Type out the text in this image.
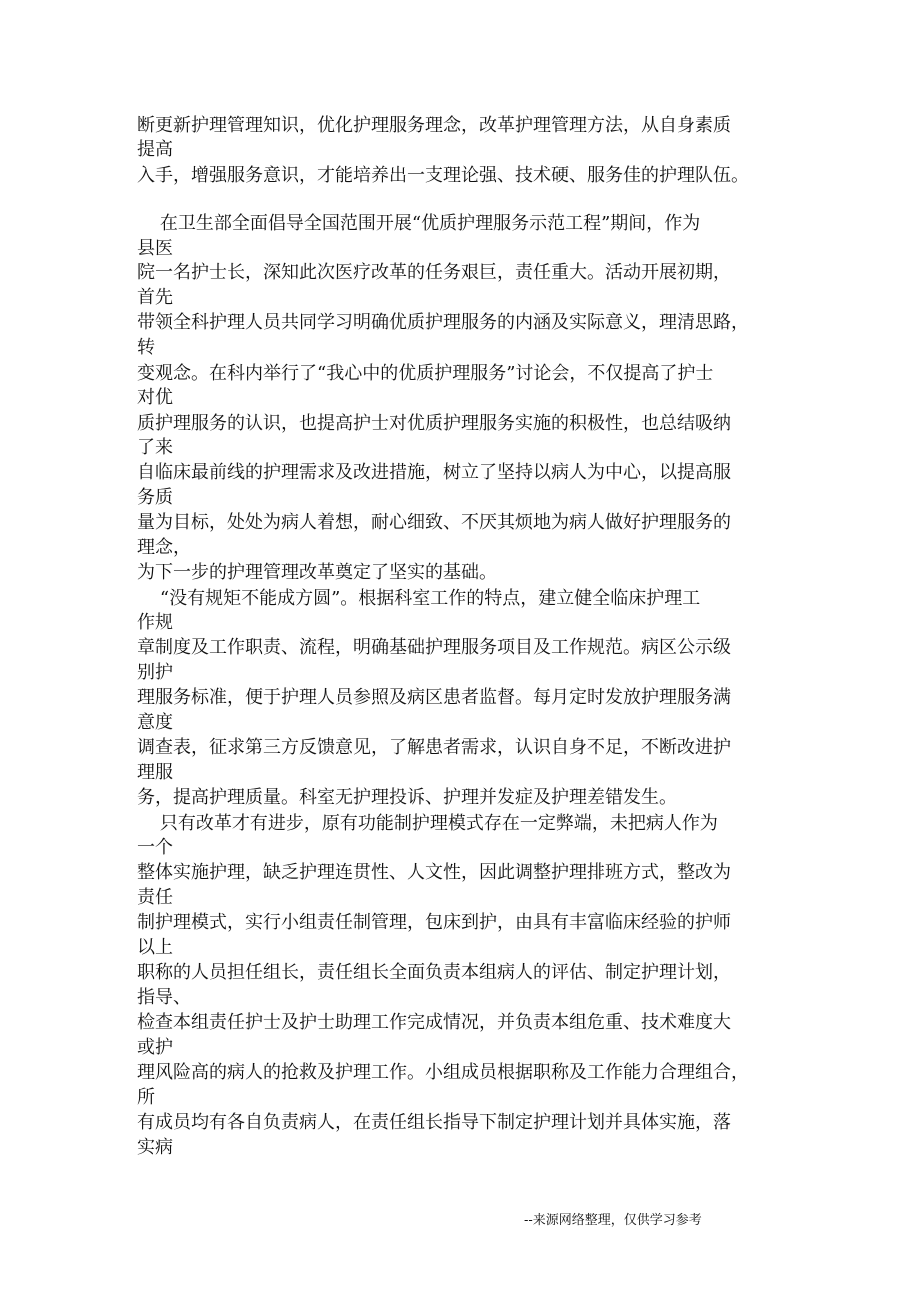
断更新护理管理知识，优化护理服务理念，改革护理管理方法，从自身素质

提高

入手，增强服务意识，才能培养出一支理论强、技术硬、服务佳的护理队伍。

在卫生部全面倡导全国范围开展“优质护理服务示范工程”期间，作为

县医

院一名护士长，深知此次医疗改革的任务艰巨，责任重大。活动开展初期，

首先

带领全科护理人员共同学习明确优质护理服务的内涵及实际意义，理清思路，

转

变观念。在科内举行了“我心中的优质护理服务”讨论会，不仅提高了护士

对优

质护理服务的认识，也提高护士对优质护理服务实施的积极性，也总结吸纳

了来

自临床最前线的护理需求及改进措施，树立了坚持以病人为中心，以提高服

务质

量为目标，处处为病人着想，耐心细致、不厌其烦地为病人做好护理服务的

理念，

为下一步的护理管理改革奠定了坚实的基础。

“没有规矩不能成方圆”。根据科室工作的特点，建立健全临床护理工

作规

章制度及工作职责、流程，明确基础护理服务项目及工作规范。病区公示级

别护

理服务标准，便于护理人员参照及病区患者监督。每月定时发放护理服务满

意度

调查表，征求第三方反馈意见，了解患者需求，认识自身不足，不断改进护

理服

务，提高护理质量。科室无护理投诉、护理并发症及护理差错发生。

只有改革才有进步，原有功能制护理模式存在一定弊端，未把病人作为

一个

整体实施护理，缺乏护理连贯性、人文性，因此调整护理排班方式，整改为

责任

制护理模式，实行小组责任制管理，包床到护，由具有丰富临床经验的护师

以上

职称的人员担任组长，责任组长全面负责本组病人的评估、制定护理计划，

指导、

检查本组责任护士及护士助理工作完成情况，并负责本组危重、技术难度大

或护

理风险高的病人的抢救及护理工作。小组成员根据职称及工作能力合理组合，

所

有成员均有各自负责病人，在责任组长指导下制定护理计划并具体实施，落

实病

--来源网络整理，仅供学习参考
